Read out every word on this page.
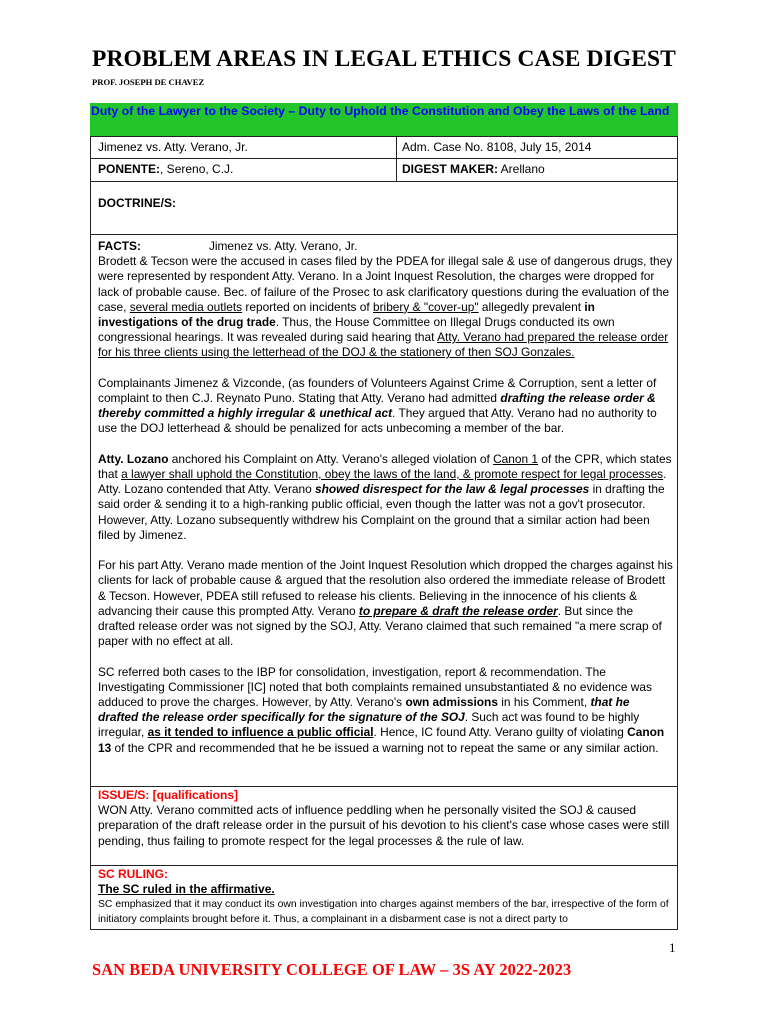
PROBLEM AREAS IN LEGAL ETHICS CASE DIGEST
PROF. JOSEPH DE CHAVEZ
Duty of the Lawyer to the Society – Duty to Uphold the Constitution and Obey the Laws of the Land
Jimenez vs. Atty. Verano, Jr.	Adm. Case No. 8108, July 15, 2014
PONENTE:, Sereno, C.J.	DIGEST MAKER: Arellano
DOCTRINE/S:
FACTS:	Jimenez vs. Atty. Verano, Jr.

Brodett & Tecson were the accused in cases filed by the PDEA for illegal sale & use of dangerous drugs, they were represented by respondent Atty. Verano. In a Joint Inquest Resolution, the charges were dropped for lack of probable cause. Bec. of failure of the Prosec to ask clarificatory questions during the evaluation of the case, several media outlets reported on incidents of bribery & "cover-up" allegedly prevalent in investigations of the drug trade. Thus, the House Committee on Illegal Drugs conducted its own congressional hearings. It was revealed during said hearing that Atty. Verano had prepared the release order for his three clients using the letterhead of the DOJ & the stationery of then SOJ Gonzales.

Complainants Jimenez & Vizconde, (as founders of Volunteers Against Crime & Corruption, sent a letter of complaint to then C.J. Reynato Puno. Stating that Atty. Verano had admitted drafting the release order & thereby committed a highly irregular & unethical act. They argued that Atty. Verano had no authority to use the DOJ letterhead & should be penalized for acts unbecoming a member of the bar.

Atty. Lozano anchored his Complaint on Atty. Verano's alleged violation of Canon 1 of the CPR, which states that a lawyer shall uphold the Constitution, obey the laws of the land, & promote respect for legal processes. Atty. Lozano contended that Atty. Verano showed disrespect for the law & legal processes in drafting the said order & sending it to a high-ranking public official, even though the latter was not a gov't prosecutor. However, Atty. Lozano subsequently withdrew his Complaint on the ground that a similar action had been filed by Jimenez.

For his part Atty. Verano made mention of the Joint Inquest Resolution which dropped the charges against his clients for lack of probable cause & argued that the resolution also ordered the immediate release of Brodett & Tecson. However, PDEA still refused to release his clients. Believing in the innocence of his clients & advancing their cause this prompted Atty. Verano to prepare & draft the release order. But since the drafted release order was not signed by the SOJ, Atty. Verano claimed that such remained "a mere scrap of paper with no effect at all.

SC referred both cases to the IBP for consolidation, investigation, report & recommendation. The Investigating Commissioner [IC] noted that both complaints remained unsubstantiated & no evidence was adduced to prove the charges. However, by Atty. Verano's own admissions in his Comment, that he drafted the release order specifically for the signature of the SOJ. Such act was found to be highly irregular, as it tended to influence a public official. Hence, IC found Atty. Verano guilty of violating Canon 13 of the CPR and recommended that he be issued a warning not to repeat the same or any similar action.

ISSUE/S: [qualifications]
WON Atty. Verano committed acts of influence peddling when he personally visited the SOJ & caused preparation of the draft release order in the pursuit of his devotion to his client's case whose cases were still pending, thus failing to promote respect for the legal processes & the rule of law.
SC RULING:
The SC ruled in the affirmative.
SC emphasized that it may conduct its own investigation into charges against members of the bar, irrespective of the form of initiatory complaints brought before it. Thus, a complainant in a disbarment case is not a direct party to
1
SAN BEDA UNIVERSITY COLLEGE OF LAW – 3S AY 2022-2023
